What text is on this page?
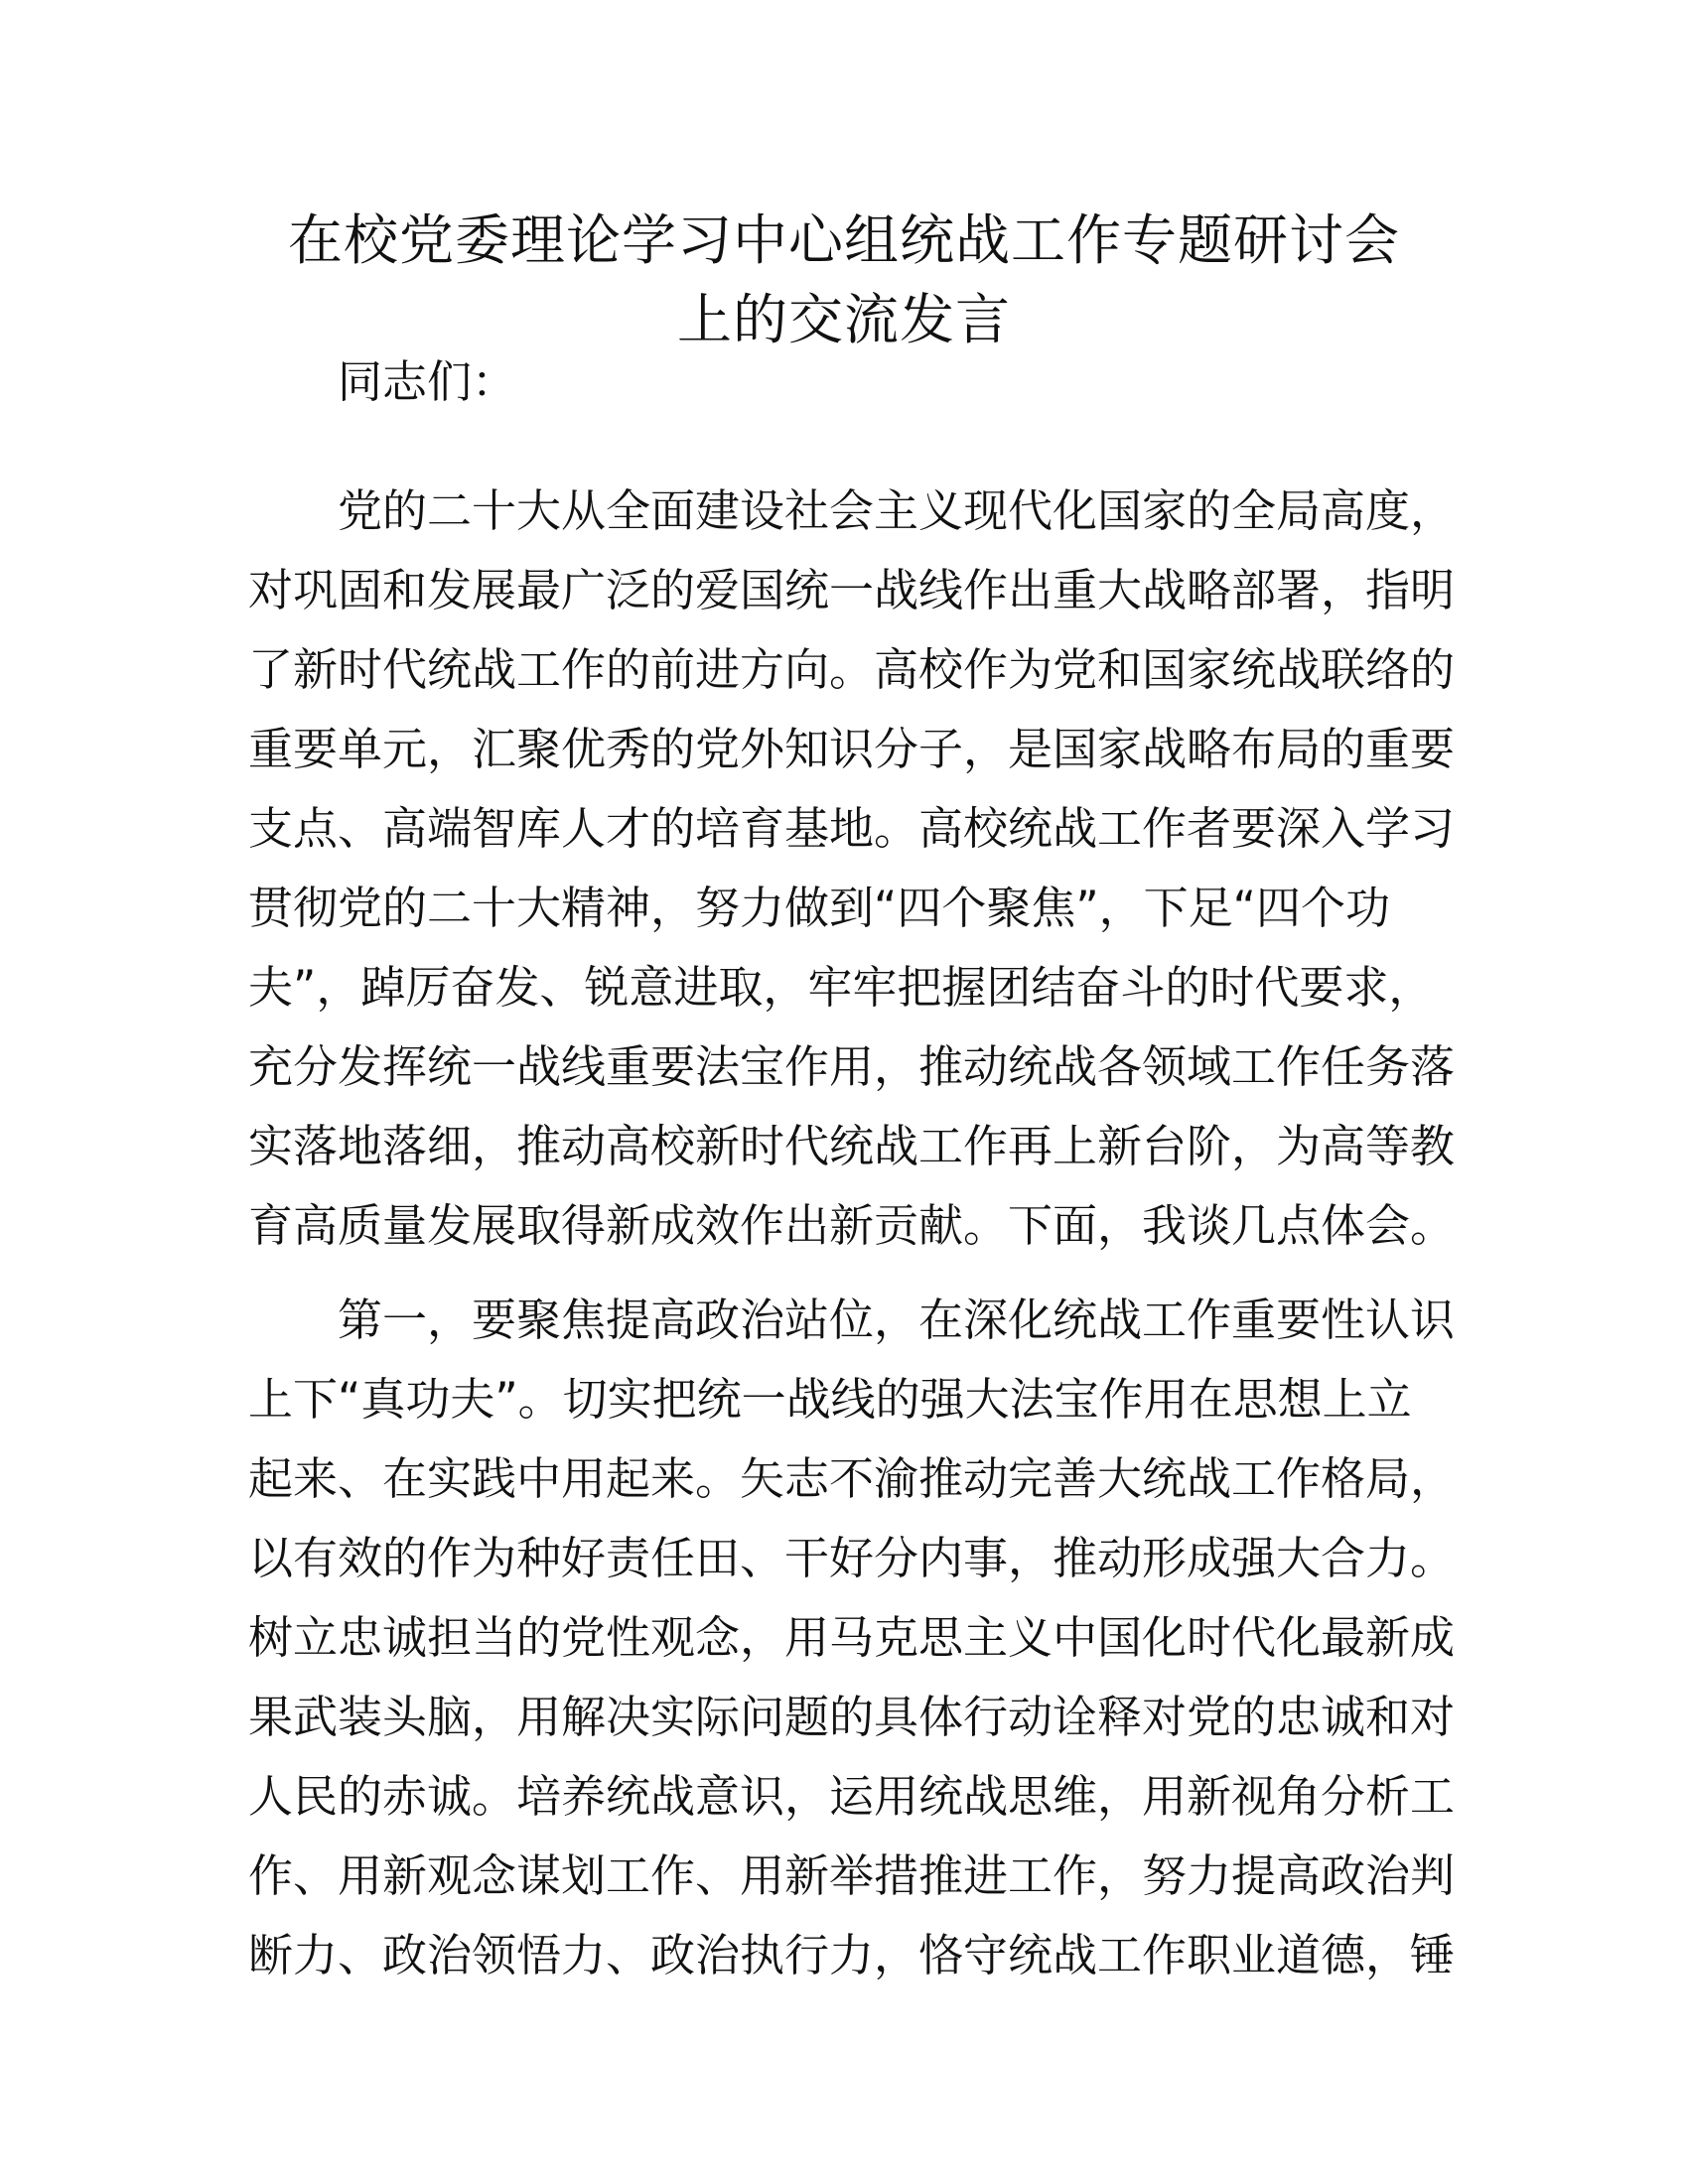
在校党委理论学习中心组统战工作专题研讨会
上的交流发言
同志们：
党的二十大从全面建设社会主义现代化国家的全局高度，
对巩固和发展最广泛的爱国统一战线作出重大战略部署，指明
了新时代统战工作的前进方向。高校作为党和国家统战联络的
重要单元，汇聚优秀的党外知识分子，是国家战略布局的重要
支点、高端智库人才的培育基地。高校统战工作者要深入学习
贯彻党的二十大精神，努力做到“四个聚焦”，下足“四个功
夫”，踔厉奋发、锐意进取，牢牢把握团结奋斗的时代要求，
充分发挥统一战线重要法宝作用，推动统战各领域工作任务落
实落地落细，推动高校新时代统战工作再上新台阶，为高等教
育高质量发展取得新成效作出新贡献。下面，我谈几点体会。
第一，要聚焦提高政治站位，在深化统战工作重要性认识
上下“真功夫”。切实把统一战线的强大法宝作用在思想上立
起来、在实践中用起来。矢志不渝推动完善大统战工作格局，
以有效的作为种好责任田、干好分内事，推动形成强大合力。
树立忠诚担当的党性观念，用马克思主义中国化时代化最新成
果武装头脑，用解决实际问题的具体行动诠释对党的忠诚和对
人民的赤诚。培养统战意识，运用统战思维，用新视角分析工
作、用新观念谋划工作、用新举措推进工作，努力提高政治判
断力、政治领悟力、政治执行力，恪守统战工作职业道德，锤
